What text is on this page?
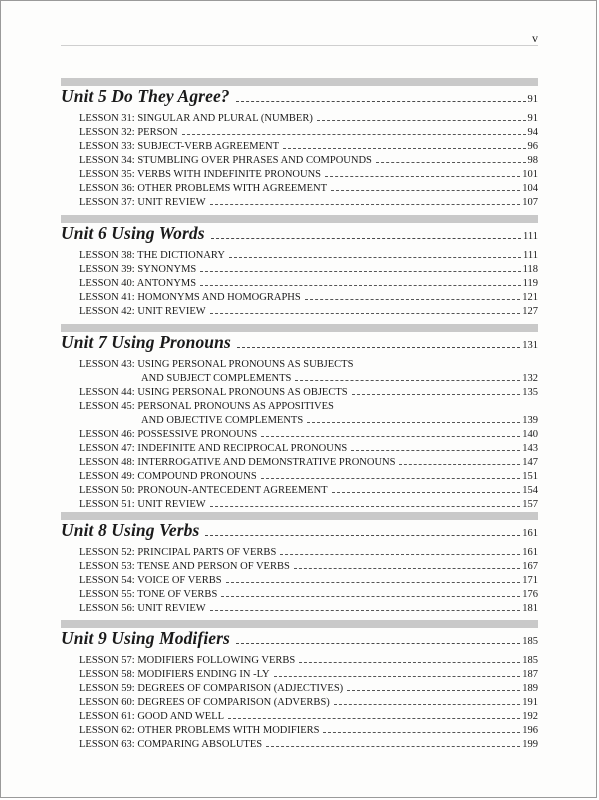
v
Unit 5 Do They Agree?	91
LESSON 31: SINGULAR AND PLURAL (NUMBER)	91
LESSON 32: PERSON	94
LESSON 33: SUBJECT-VERB AGREEMENT	96
LESSON 34: STUMBLING OVER PHRASES AND COMPOUNDS	98
LESSON 35: VERBS WITH INDEFINITE PRONOUNS	101
LESSON 36: OTHER PROBLEMS WITH AGREEMENT	104
LESSON 37: UNIT REVIEW	107
Unit 6 Using Words	111
LESSON 38: THE DICTIONARY	111
LESSON 39: SYNONYMS	118
LESSON 40: ANTONYMS	119
LESSON 41: HOMONYMS AND HOMOGRAPHS	121
LESSON 42: UNIT REVIEW	127
Unit 7 Using Pronouns	131
LESSON 43: USING PERSONAL PRONOUNS AS SUBJECTS
AND SUBJECT COMPLEMENTS	132
LESSON 44: USING PERSONAL PRONOUNS AS OBJECTS	135
LESSON 45: PERSONAL PRONOUNS AS APPOSITIVES
AND OBJECTIVE COMPLEMENTS	139
LESSON 46: POSSESSIVE PRONOUNS	140
LESSON 47: INDEFINITE AND RECIPROCAL PRONOUNS	143
LESSON 48: INTERROGATIVE AND DEMONSTRATIVE PRONOUNS	147
LESSON 49: COMPOUND PRONOUNS	151
LESSON 50: PRONOUN-ANTECEDENT AGREEMENT	154
LESSON 51: UNIT REVIEW	157
Unit 8 Using Verbs	161
LESSON 52: PRINCIPAL PARTS OF VERBS	161
LESSON 53: TENSE AND PERSON OF VERBS	167
LESSON 54: VOICE OF VERBS	171
LESSON 55: TONE OF VERBS	176
LESSON 56: UNIT REVIEW	181
Unit 9 Using Modifiers	185
LESSON 57: MODIFIERS FOLLOWING VERBS	185
LESSON 58: MODIFIERS ENDING IN -LY	187
LESSON 59: DEGREES OF COMPARISON (ADJECTIVES)	189
LESSON 60: DEGREES OF COMPARISON (ADVERBS)	191
LESSON 61: GOOD AND WELL	192
LESSON 62: OTHER PROBLEMS WITH MODIFIERS	196
LESSON 63: COMPARING ABSOLUTES	199
